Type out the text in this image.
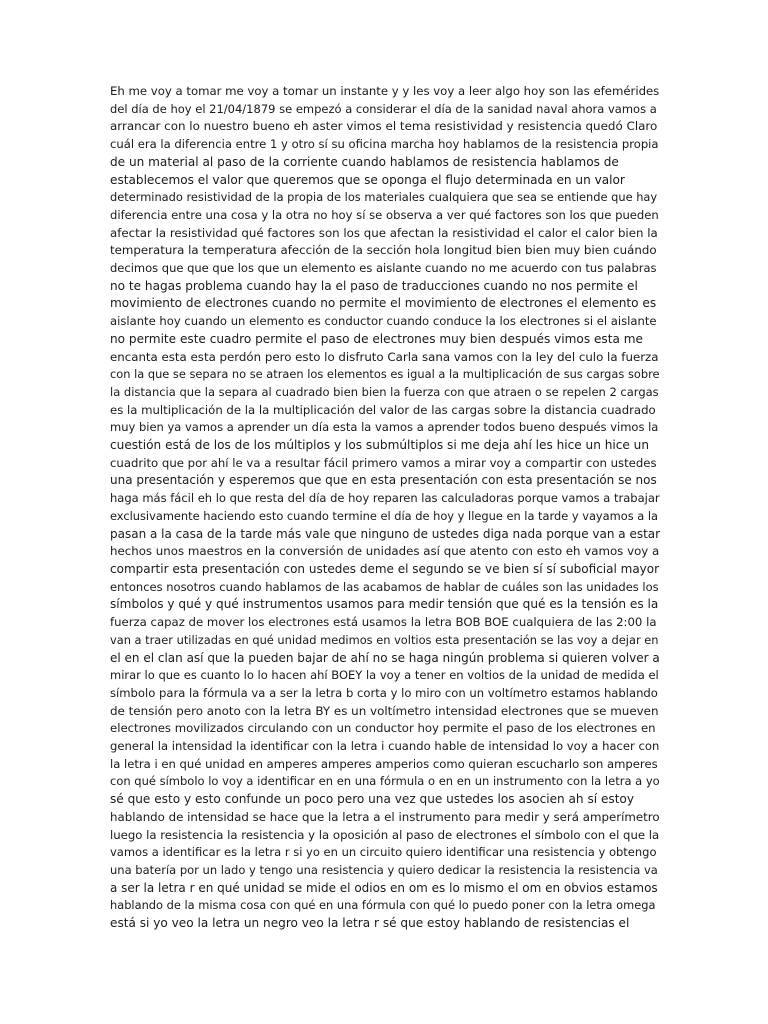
Eh me voy a tomar me voy a tomar un instante y y les voy a leer algo hoy son las efemérides
del día de hoy el 21/04/1879 se empezó a considerar el día de la sanidad naval ahora vamos a
arrancar con lo nuestro bueno eh aster vimos el tema resistividad y resistencia quedó Claro
cuál era la diferencia entre 1 y otro sí su oficina marcha hoy hablamos de la resistencia propia
de un material al paso de la corriente cuando hablamos de resistencia hablamos de
establecemos el valor que queremos que se oponga el flujo determinada en un valor
determinado resistividad de la propia de los materiales cualquiera que sea se entiende que hay
diferencia entre una cosa y la otra no hoy sí se observa a ver qué factores son los que pueden
afectar la resistividad qué factores son los que afectan la resistividad el calor el calor bien la
temperatura la temperatura afección de la sección hola longitud bien bien muy bien cuándo
decimos que que que los que un elemento es aislante cuando no me acuerdo con tus palabras
no te hagas problema cuando hay la el paso de traducciones cuando no nos permite el
movimiento de electrones cuando no permite el movimiento de electrones el elemento es
aislante hoy cuando un elemento es conductor cuando conduce la los electrones si el aislante
no permite este cuadro permite el paso de electrones muy bien después vimos esta me
encanta esta esta perdón pero esto lo disfruto Carla sana vamos con la ley del culo la fuerza
con la que se separa no se atraen los elementos es igual a la multiplicación de sus cargas sobre
la distancia que la separa al cuadrado bien bien la fuerza con que atraen o se repelen 2 cargas
es la multiplicación de la la multiplicación del valor de las cargas sobre la distancia cuadrado
muy bien ya vamos a aprender un día esta la vamos a aprender todos bueno después vimos la
cuestión está de los de los múltiplos y los submúltiplos si me deja ahí les hice un hice un
cuadrito que por ahí le va a resultar fácil primero vamos a mirar voy a compartir con ustedes
una presentación y esperemos que que en esta presentación con esta presentación se nos
haga más fácil eh lo que resta del día de hoy reparen las calculadoras porque vamos a trabajar
exclusivamente haciendo esto cuando termine el día de hoy y llegue en la tarde y vayamos a la
pasan a la casa de la tarde más vale que ninguno de ustedes diga nada porque van a estar
hechos unos maestros en la conversión de unidades así que atento con esto eh vamos voy a
compartir esta presentación con ustedes deme el segundo se ve bien sí sí suboficial mayor
entonces nosotros cuando hablamos de las acabamos de hablar de cuáles son las unidades los
símbolos y qué y qué instrumentos usamos para medir tensión que qué es la tensión es la
fuerza capaz de mover los electrones está usamos la letra BOB BOE cualquiera de las 2:00 la
van a traer utilizadas en qué unidad medimos en voltios esta presentación se las voy a dejar en
el en el clan así que la pueden bajar de ahí no se haga ningún problema si quieren volver a
mirar lo que es cuanto lo lo hacen ahí BOEY la voy a tener en voltios de la unidad de medida el
símbolo para la fórmula va a ser la letra b corta y lo miro con un voltímetro estamos hablando
de tensión pero anoto con la letra BY es un voltímetro intensidad electrones que se mueven
electrones movilizados circulando con un conductor hoy permite el paso de los electrones en
general la intensidad la identificar con la letra i cuando hable de intensidad lo voy a hacer con
la letra i en qué unidad en amperes amperes amperios como quieran escucharlo son amperes
con qué símbolo lo voy a identificar en en una fórmula o en en un instrumento con la letra a yo
sé que esto y esto confunde un poco pero una vez que ustedes los asocien ah sí estoy
hablando de intensidad se hace que la letra a el instrumento para medir y será amperímetro
luego la resistencia la resistencia y la oposición al paso de electrones el símbolo con el que la
vamos a identificar es la letra r si yo en un circuito quiero identificar una resistencia y obtengo
una batería por un lado y tengo una resistencia y quiero dedicar la resistencia la resistencia va
a ser la letra r en qué unidad se mide el odios en om es lo mismo el om en obvios estamos
hablando de la misma cosa con qué en una fórmula con qué lo puedo poner con la letra omega
está si yo veo la letra un negro veo la letra r sé que estoy hablando de resistencias el
